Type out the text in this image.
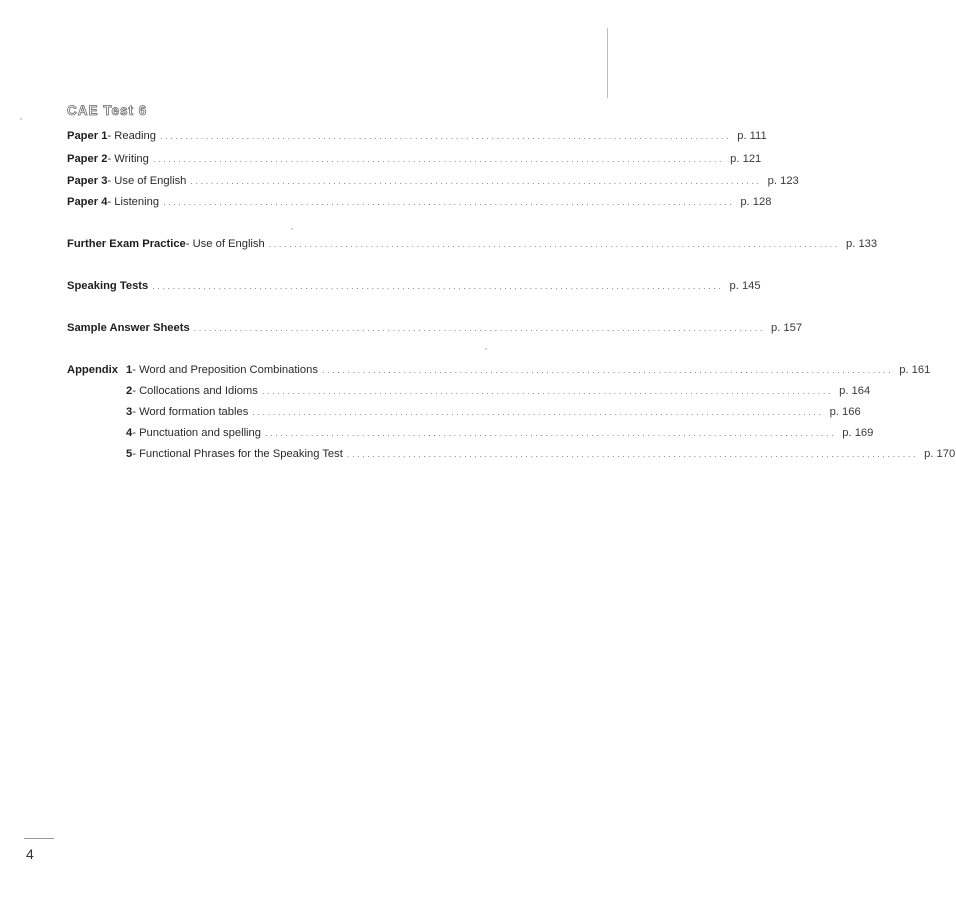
CAE Test 6
Paper 1 - Reading ................................................................................................................ p. 111
Paper 2 - Writing ................................................................................................................ p. 121
Paper 3 - Use of English ................................................................................................................ p. 123
Paper 4 - Listening ................................................................................................................ p. 128
Further Exam Practice - Use of English ................................................................................................................ p. 133
Speaking Tests ................................................................................................................ p. 145
Sample Answer Sheets ................................................................................................................ p. 157
Appendix 1 - Word and Preposition Combinations ................................................................................................................ p. 161
2 - Collocations and Idioms ................................................................................................................ p. 164
3 - Word formation tables ................................................................................................................ p. 166
4 - Punctuation and spelling ................................................................................................................ p. 169
5 - Functional Phrases for the Speaking Test ................................................................................................................ p. 170
4
